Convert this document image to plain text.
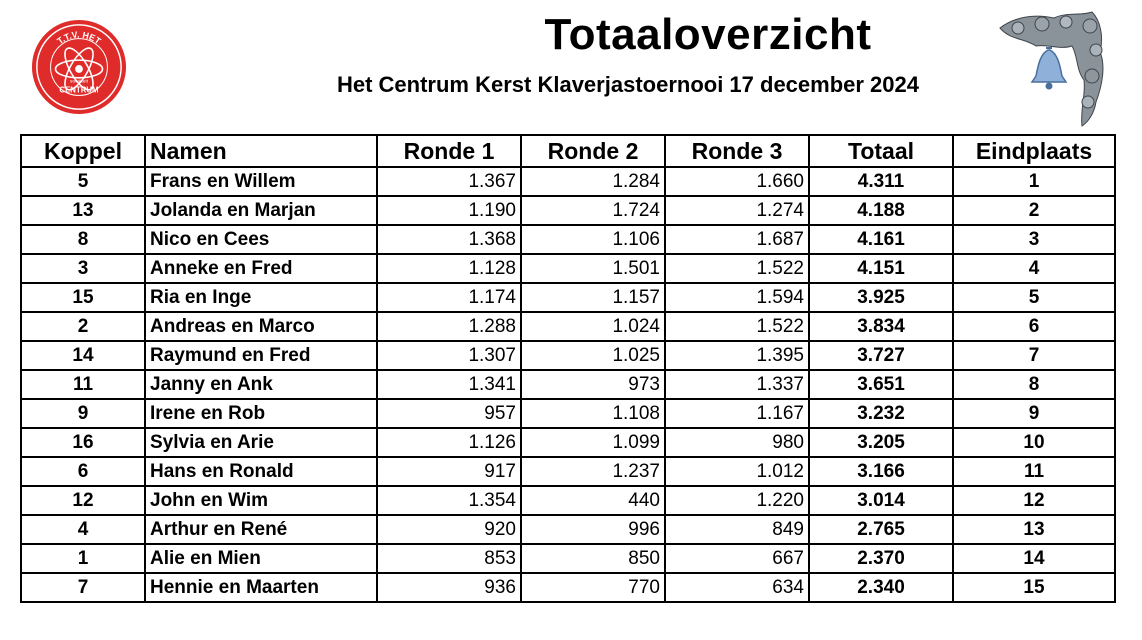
T.T.V. HET
sociëteit
CENTRUM
Totaaloverzicht
Het Centrum Kerst Klaverjastoernooi 17 december 2024
Koppel	Namen	Ronde 1	Ronde 2	Ronde 3	Totaal	Eindplaats
5	Frans en Willem	1.367	1.284	1.660	4.311	1
13	Jolanda en Marjan	1.190	1.724	1.274	4.188	2
8	Nico en Cees	1.368	1.106	1.687	4.161	3
3	Anneke en Fred	1.128	1.501	1.522	4.151	4
15	Ria en Inge	1.174	1.157	1.594	3.925	5
2	Andreas en Marco	1.288	1.024	1.522	3.834	6
14	Raymund en Fred	1.307	1.025	1.395	3.727	7
11	Janny en Ank	1.341	973	1.337	3.651	8
9	Irene en Rob	957	1.108	1.167	3.232	9
16	Sylvia en Arie	1.126	1.099	980	3.205	10
6	Hans en Ronald	917	1.237	1.012	3.166	11
12	John en Wim	1.354	440	1.220	3.014	12
4	Arthur en René	920	996	849	2.765	13
1	Alie en Mien	853	850	667	2.370	14
7	Hennie en Maarten	936	770	634	2.340	15
